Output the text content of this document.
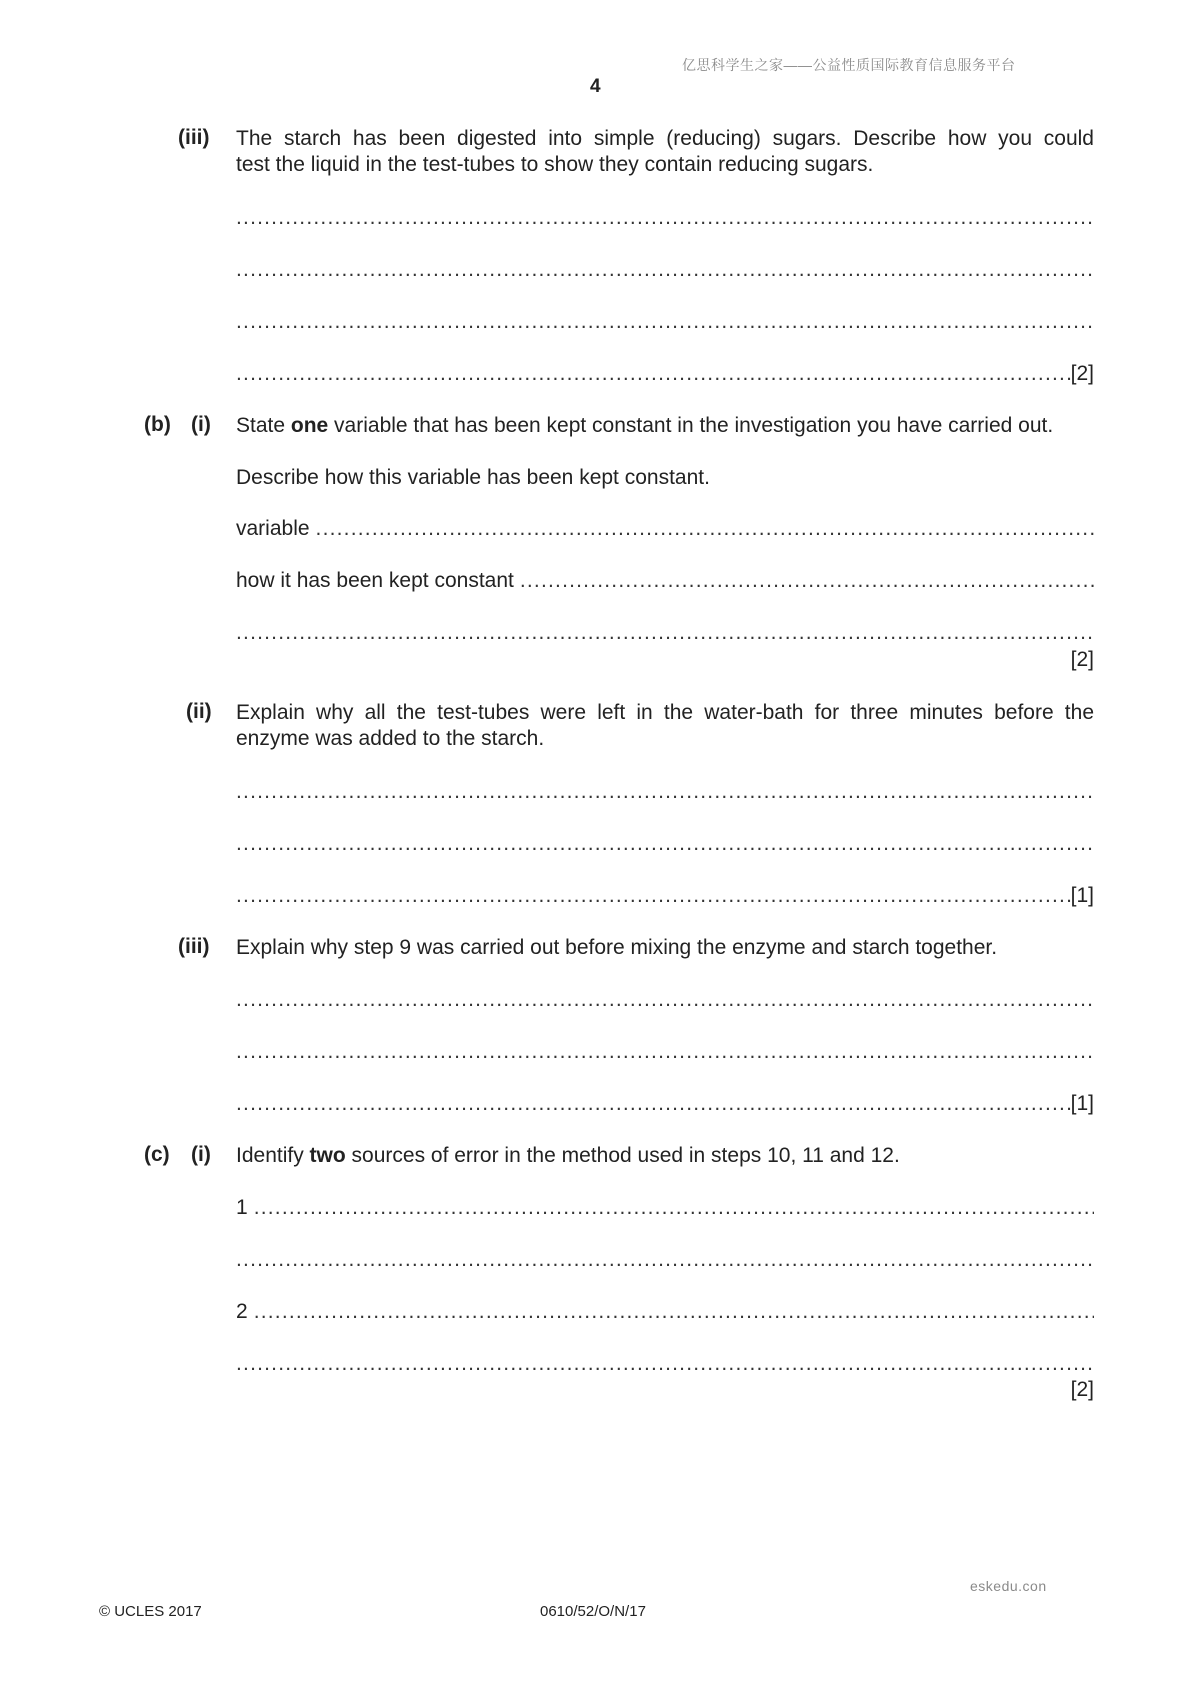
亿思科学生之家——公益性质国际教育信息服务平台
4
(iii) The starch has been digested into simple (reducing) sugars. Describe how you could
test the liquid in the test-tubes to show they contain reducing sugars.
.....
.....
.....
.....
[2]
(b) (i) State one variable that has been kept constant in the investigation you have carried out.
Describe how this variable has been kept constant.
variable
.....
how it has been kept constant
.....
.....
[2]
(ii) Explain why all the test-tubes were left in the water-bath for three minutes before the
enzyme was added to the starch.
.....
.....
.....
[1]
(iii) Explain why step 9 was carried out before mixing the enzyme and starch together.
.....
.....
.....
[1]
(c) (i) Identify two sources of error in the method used in steps 10, 11 and 12.
1
.....
.....
2
.....
.....
[2]
eskedu.con
© UCLES 2017	0610/52/O/N/17
